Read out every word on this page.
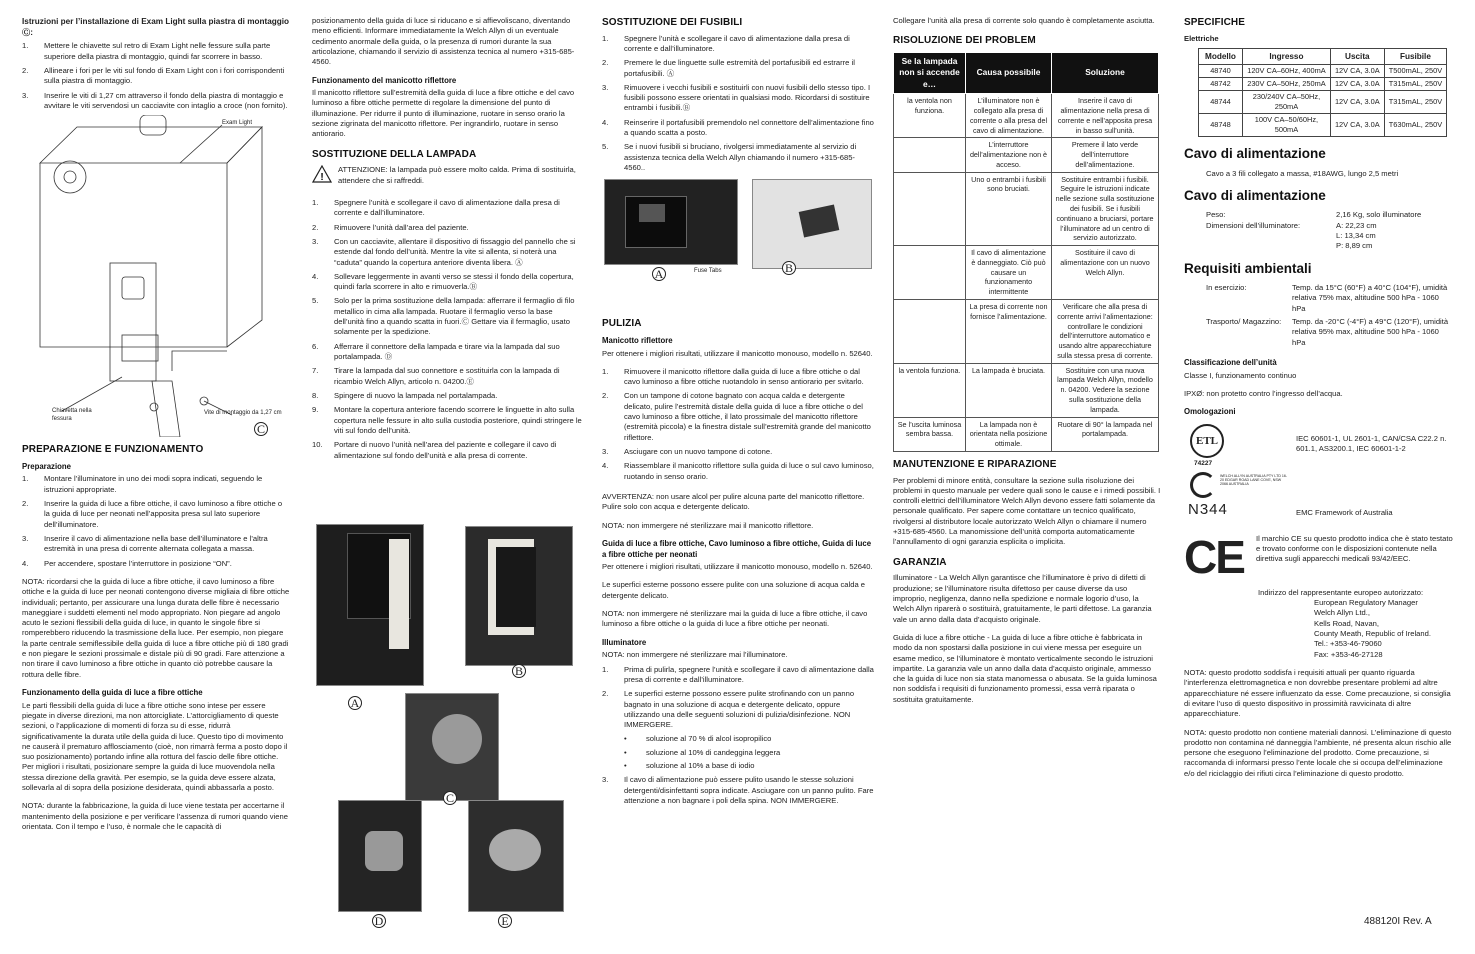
Istruzioni per l’installazione di Exam Light sulla piastra di montaggio Ⓒ:
1.	Mettere le chiavette sul retro di Exam Light nelle fessure sulla parte superiore della piastra di montaggio, quindi far scorrere in basso.
2.	Allineare i fori per le viti sul fondo di Exam Light con i fori corrispondenti sulla piastra di montaggio.
3.	Inserire le viti di 1,27 cm attraverso il fondo della piastra di montaggio e avvitare le viti servendosi un cacciavite con intaglio a croce (non fornito).
Exam Light
Chiavetta nella fessura
Vite di montaggio da 1,27 cm
C
PREPARAZIONE E FUNZIONAMENTO
Preparazione
1.	Montare l’illuminatore in uno dei modi sopra indicati, seguendo le istruzioni appropriate.
2.	Inserire la guida di luce a fibre ottiche, il cavo luminoso a fibre ottiche o la guida di luce per neonati nell’apposita presa sul lato superiore dell’illuminatore.
3.	Inserire il cavo di alimentazione nella base dell’illuminatore e l’altra estremità in una presa di corrente alternata collegata a massa.
4.	Per accendere, spostare l’interruttore in posizione “ON”.

NOTA: ricordarsi che la guida di luce a fibre ottiche, il cavo luminoso a fibre ottiche e la guida di luce per neonati contengono diverse migliaia di fibre ottiche individuali; pertanto, per assicurare una lunga durata delle fibre è necessario maneggiare i suddetti elementi nel modo appropriato. Non piegare ad angolo acuto le sezioni flessibili della guida di luce, in quanto le singole fibre si romperebbero riducendo la trasmissione della luce. Per esempio, non piegare la parte centrale semiflessibile della guida di luce a fibre ottiche più di 180 gradi e non piegare le sezioni prossimale e distale più di 90 gradi. Fare attenzione a non tirare il cavo luminoso a fibre ottiche in quanto ciò potrebbe causare la rottura delle fibre.

Funzionamento della guida di luce a fibre ottiche

Le parti flessibili della guida di luce a fibre ottiche sono intese per essere piegate in diverse direzioni, ma non attorcigliate. L’attorcigliamento di queste sezioni, o l’applicazione di momenti di forza su di esse, ridurrà significativamente la durata utile della guida di luce. Questo tipo di movimento ne causerà il prematuro afflosciamento (cioè, non rimarrà ferma a posto dopo il suo posizionamento) portando infine alla rottura del fascio delle fibre ottiche. Per migliori i risultati, posizionare sempre la guida di luce muovendola nella stessa direzione della gravità. Per esempio, se la guida deve essere alzata, sollevarla al di sopra della posizione desiderata, quindi abbassarla a posto.

NOTA: durante la fabbricazione, la guida di luce viene testata per accertarne il mantenimento della posizione e per verificare l’assenza di rumori quando viene orientata. Con il tempo e l’uso, è normale che le capacità di

posizionamento della guida di luce si riducano e si affievoliscano, diventando meno efficienti. Informare immediatamente la Welch Allyn di un eventuale cedimento anormale della guida, o la presenza di rumori durante la sua articolazione, chiamando il servizio di assistenza tecnica al numero +315-685-4560.

Funzionamento del manicotto riflettore

Il manicotto riflettore sull’estremità della guida di luce a fibre ottiche e del cavo luminoso a fibre ottiche permette di regolare la dimensione del punto di illuminazione. Per ridurre il punto di illuminazione, ruotare in senso orario la sezione zigrinata del manicotto riflettore. Per ingrandirlo, ruotare in senso antiorario.

SOSTITUZIONE DELLA LAMPADA
!
ATTENZIONE: la lampada può essere molto calda. Prima di sostituirla, attendere che si raffreddi.
1.	Spegnere l’unità e scollegare il cavo di alimentazione dalla presa di corrente e dall’illuminatore.
2.	Rimuovere l’unità dall’area del paziente.
3.	Con un cacciavite, allentare il dispositivo di fissaggio del pannello che si estende dal fondo dell’unità. Mentre la vite si allenta, si noterà una “caduta” quando la copertura anteriore diventa libera. Ⓐ
4.	Sollevare leggermente in avanti verso se stessi il fondo della copertura, quindi farla scorrere in alto e rimuoverla.Ⓑ
5.	Solo per la prima sostituzione della lampada: afferrare il fermaglio di filo metallico in cima alla lampada. Ruotare il fermaglio verso la base dell’unità fino a quando scatta in fuori.Ⓒ Gettare via il fermaglio, usato solamente per la spedizione.
6.	Afferrare il connettore della lampada e tirare via la lampada dal suo portalampada. Ⓓ
7.	Tirare la lampada dal suo connettore e sostituirla con la lampada di ricambio Welch Allyn, articolo n. 04200.Ⓔ
8.	Spingere di nuovo la lampada nel portalampada.
9.	Montare la copertura anteriore facendo scorrere le linguette in alto sulla copertura nelle fessure in alto sulla custodia posteriore, quindi stringere le viti sul fondo dell’unità.
10.	Portare di nuovo l’unità nell’area del paziente e collegare il cavo di alimentazione sul fondo dell’unità e alla presa di corrente.
A
B
C
D	E
SOSTITUZIONE DEI FUSIBILI
1.	Spegnere l’unità e scollegare il cavo di alimentazione dalla presa di corrente e dall’illuminatore.
2.	Premere le due linguette sulle estremità del portafusibili ed estrarre il portafusibili. Ⓐ
3.	Rimuovere i vecchi fusibili e sostituirli con nuovi fusibili dello stesso tipo. I fusibili possono essere orientati in qualsiasi modo. Ricordarsi di sostituire entrambi i fusibili.Ⓑ
4.	Reinserire il portafusibili premendolo nel connettore dell’alimentazione fino a quando scatta a posto.
5.	Se i nuovi fusibili si bruciano, rivolgersi immediatamente al servizio di assistenza tecnica della Welch Allyn chiamando il numero +315-685-4560..
Fuse Tabs
A	B
PULIZIA
Manicotto riflettore

Per ottenere i migliori risultati, utilizzare il manicotto monouso, modello n. 52640.

1.	Rimuovere il manicotto riflettore dalla guida di luce a fibre ottiche o dal cavo luminoso a fibre ottiche ruotandolo in senso antiorario per svitarlo.
2.	Con un tampone di cotone bagnato con acqua calda e detergente delicato, pulire l’estremità distale della guida di luce a fibre ottiche o del cavo luminoso a fibre ottiche, il lato prossimale del manicotto riflettore (estremità piccola) e la finestra distale sull’estremità grande del manicotto riflettore.
3.	Asciugare con un nuovo tampone di cotone.
4.	Riassemblare il manicotto riflettore sulla guida di luce o sul cavo luminoso, ruotando in senso orario.

AVVERTENZA: non usare alcol per pulire alcuna parte del manicotto riflettore. Pulire solo con acqua e detergente delicato.

NOTA: non immergere né sterilizzare mai il manicotto riflettore.

Guida di luce a fibre ottiche, Cavo luminoso a fibre ottiche, Guida di luce a fibre ottiche per neonati

Per ottenere i migliori risultati, utilizzare il manicotto monouso, modello n. 52640.

Le superfici esterne possono essere pulite con una soluzione di acqua calda e detergente delicato.

NOTA: non immergere né sterilizzare mai la guida di luce a fibre ottiche, il cavo luminoso a fibre ottiche o la guida di luce a fibre ottiche per neonati.

Illuminatore

NOTA: non immergere né sterilizzare mai l’illuminatore.

1.	Prima di pulirla, spegnere l’unità e scollegare il cavo di alimentazione dalla presa di corrente e dall’illuminatore.
2.	Le superfici esterne possono essere pulite strofinando con un panno bagnato in una soluzione di acqua e detergente delicato, oppure utilizzando una delle seguenti soluzioni di pulizia/disinfezione. NON IMMERGERE.
• soluzione al 70 % di alcol isopropilico
• soluzione al 10% di candeggina leggera
• soluzione al 10% a base di iodio
3.	Il cavo di alimentazione può essere pulito usando le stesse soluzioni detergenti/disinfettanti sopra indicate. Asciugare con un panno pulito. Fare attenzione a non bagnare i poli della spina. NON IMMERGERE.

Collegare l’unità alla presa di corrente solo quando è completamente asciutta.

RISOLUZIONE DEI PROBLEM
Se la lampada non si accende e…	Causa possibile	Soluzione
la ventola non funziona.	L’illuminatore non è collegato alla presa di corrente o alla presa del cavo di alimentazione.	Inserire il cavo di alimentazione nella presa di corrente e nell’apposita presa in basso sull’unità.
	L’interruttore dell’alimentazione non è acceso.	Premere il lato verde dell’interruttore dell’alimentazione.
	Uno o entrambi i fusibili sono bruciati.	Sostituire entrambi i fusibili. Seguire le istruzioni indicate nelle sezione sulla sostituzione dei fusibili. Se i fusibili continuano a bruciarsi, portare l’illuminatore ad un centro di servizio autorizzato.
	Il cavo di alimentazione è danneggiato. Ciò può causare un funzionamento intermittente	Sostituire il cavo di alimentazione con un nuovo Welch Allyn.
	La presa di corrente non fornisce l’alimentazione.	Verificare che alla presa di corrente arrivi l’alimentazione: controllare le condizioni dell’interruttore automatico e usando altre apparecchiature sulla stessa presa di corrente.
la ventola funziona.	La lampada è bruciata.	Sostituire con una nuova lampada Welch Allyn, modello n. 04200. Vedere la sezione sulla sostituzione della lampada.
Se l’uscita luminosa sembra bassa.	La lampada non è orientata nella posizione ottimale.	Ruotare di 90° la lampada nel portalampada.
MANUTENZIONE E RIPARAZIONE

Per problemi di minore entità, consultare la sezione sulla risoluzione dei problemi in questo manuale per vedere quali sono le cause e i rimedi possibili. I controlli elettrici dell’illuminatore Welch Allyn devono essere fatti solamente da personale qualificato. Per sapere come contattare un tecnico qualificato, rivolgersi al distributore locale autorizzato Welch Allyn o chiamare il numero +315-685-4560. La manomissione dell’unità comporta automaticamente l’annullamento di ogni garanzia esplicita o implicita.

GARANZIA

Illuminatore - La Welch Allyn garantisce che l’illuminatore è privo di difetti di produzione; se l’illuminatore risulta difettoso per cause diverse da uso improprio, negligenza, danno nella spedizione e normale logorio d’uso, la Welch Allyn riparerà o sostituirà, gratuitamente, le parti difettose. La garanzia vale un anno dalla data d’acquisto originale.

Guida di luce a fibre ottiche - La guida di luce a fibre ottiche è fabbricata in modo da non spostarsi dalla posizione in cui viene messa per eseguire un esame medico, se l’illuminatore è montato verticalmente secondo le istruzioni impartite. La garanzia vale un anno dalla data d’acquisto originale, ammesso che la guida di luce non sia stata manomessa o abusata. Se la guida luminosa non soddisfa i requisiti di funzionamento promessi, essa verrà riparata o sostituita gratuitamente.

SPECIFICHE
Elettriche
Modello	Ingresso	Uscita	Fusibile
48740	120V CA–60Hz, 400mA	12V CA, 3.0A	T500mAL, 250V
48742	230V CA–50Hz, 250mA	12V CA, 3.0A	T315mAL, 250V
48744	230/240V CA–50Hz, 250mA	12V CA, 3.0A	T315mAL, 250V
48748	100V CA–50/60Hz, 500mA	12V CA, 3.0A	T630mAL, 250V
Cavo di alimentazione

Cavo a 3 fili collegato a massa, #18AWG, lungo 2,5 metri

Cavo di alimentazione
Peso:	2,16 Kg, solo illuminatore
Dimensioni dell’illuminatore:	A: 22,23 cm
L: 13,34 cm
P: 8,89 cm
Requisiti ambientali
In esercizio:	Temp. da 15°C (60°F) a 40°C (104°F), umidità relativa 75% max, altitudine 500 hPa - 1060 hPa
Trasporto/ Magazzino:	Temp. da -20°C (-4°F) a 49°C (120°F), umidità relativa 95% max, altitudine 500 hPa - 1060 hPa
Classificazione dell’unità

Classe I, funzionamento continuo

IPXØ: non protetto contro l’ingresso dell’acqua.

Omologazioni
ETL
74227
IEC 60601-1, UL 2601-1, CAN/CSA C22.2 n. 601.1, AS3200.1, IEC 60601-1-2
WELCH ALLYN AUSTRALIA PTY LTD 16-20 EDGAR ROAD LANE COVE, NSW 2066 AUSTRALIA
N344	EMC Framework of Australia
CE	Il marchio CE su questo prodotto indica che è stato testato e trovato conforme con le disposizioni contenute nella direttiva sugli apparecchi medicali 93/42/EEC.
Indirizzo del rappresentante europeo autorizzato:
European Regulatory Manager
Welch Allyn Ltd.,
Kells Road, Navan,
County Meath, Republic of Ireland.
Tel.: +353-46-79060
Fax: +353-46-27128

NOTA: questo prodotto soddisfa i requisiti attuali per quanto riguarda l’interferenza elettromagnetica e non dovrebbe presentare problemi ad altre apparecchiature né essere influenzato da esse. Come precauzione, si consiglia di evitare l’uso di questo dispositivo in prossimità ravvicinata di altre apparecchiature.

NOTA: questo prodotto non contiene materiali dannosi. L’eliminazione di questo prodotto non contamina né danneggia l’ambiente, né presenta alcun rischio alle persone che eseguono l’eliminazione del prodotto. Come precauzione, si raccomanda di informarsi presso l’ente locale che si occupa dell’eliminazione e/o del riciclaggio dei rifiuti circa l’eliminazione di questo prodotto.

488120I Rev. A
